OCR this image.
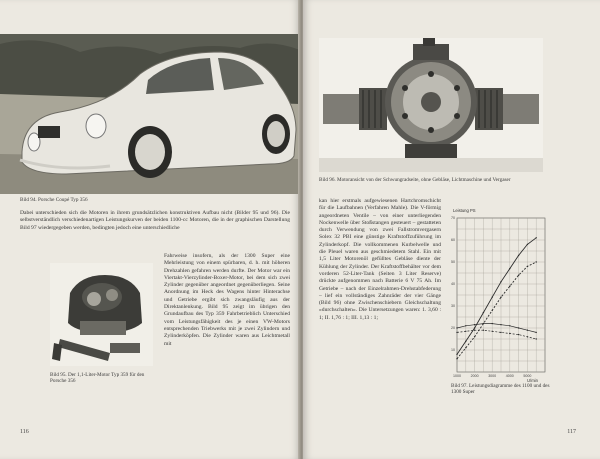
Bild 94. Porsche Coupé Typ 356

Dabei unterschieden sich die Motoren in ihrem grundsätzlichen konstruktiven Aufbau nicht (Bilder 95 und 96). Die selbstverständlich verschiedenartigen Leistungskurven der beiden 1100-cc Motoren, die in der graphischen Darstellung Bild 97 wiedergegeben werden, bedingten jedoch eine unterschiedliche

Bild 95. Der 1,1-Liter-Motor Typ 359 für den Porsche 356

Fahrweise insofern, als der 1300 Super eine Mehrleistung von einem spürbaren, d. h. mit höheren Drehzahlen gefahren werden durfte. Der Motor war ein Viertakt-Vierzylinder-Boxer-Motor, bei dem sich zwei Zylinder gegenüber angeordnet gegenüberliegen. Seine Anordnung im Heck des Wagens hinter Hinterachse und Getriebe ergibt sich zwangsläufig aus der Direktanlenkung. Bild 95 zeigt im übrigen den Grundaufbau des Typ 359 Fahrbetrieblich Unterschied vom Leistungsfähigkeit des je einen VW-Motors entsprechenden Triebwerks mit je zwei Zylindern und Zylinderköpfen. Die Zylinder waren aus Leichtmetall mit

116
Bild 96. Motoransicht von der Schwungradseite, ohne Gebläse, Lichtmaschine und Vergaser

kan hier erstmals aufgewiesenen Hartchromschicht für die Laufbahnen (Verfahren Mahle). Die V-förmig angeordneten Ventile – von einer unterliegenden Nockenwelle über Stoßstangen gesteuert – gestatteten durch Verwendung von zwei Fallstromvergasern Solex 32 PBI eine günstige Kraftstoffzuführung im Zylinderkopf. Die vollkommenen Kurbelwelle und die Pleuel waren aus geschmiedetem Stahl. Ein mit 1,5 Liter Motorenöl gefülltes Gebläse diente der Kühlung der Zylinder. Der Kraftstoffbehälter vor dem vorderen 52-Liter-Tank (Seiten 3 Liter Reserve) drückte aufgenommen nach Batterie 6 V 75 Ah. Im Getriebe – nach der Einzelrahmen-Drehstabfederung – lief ein vollständiges Zahnräder der vier Gänge (Bild 96) ohne Zwischenschiebern Gleichschaltung »durchschalten«. Die Untersetzungen waren: 1. 3,60 : 1; II. 1,76 : 1; III. 1,13 : 1;

Leistung PS
U/min
10
20
30
40
50
60
70
1000	2000	3000	4000	5000
Bild 97. Leistungsdiagramme des 1100 und des 1300 Super
117
